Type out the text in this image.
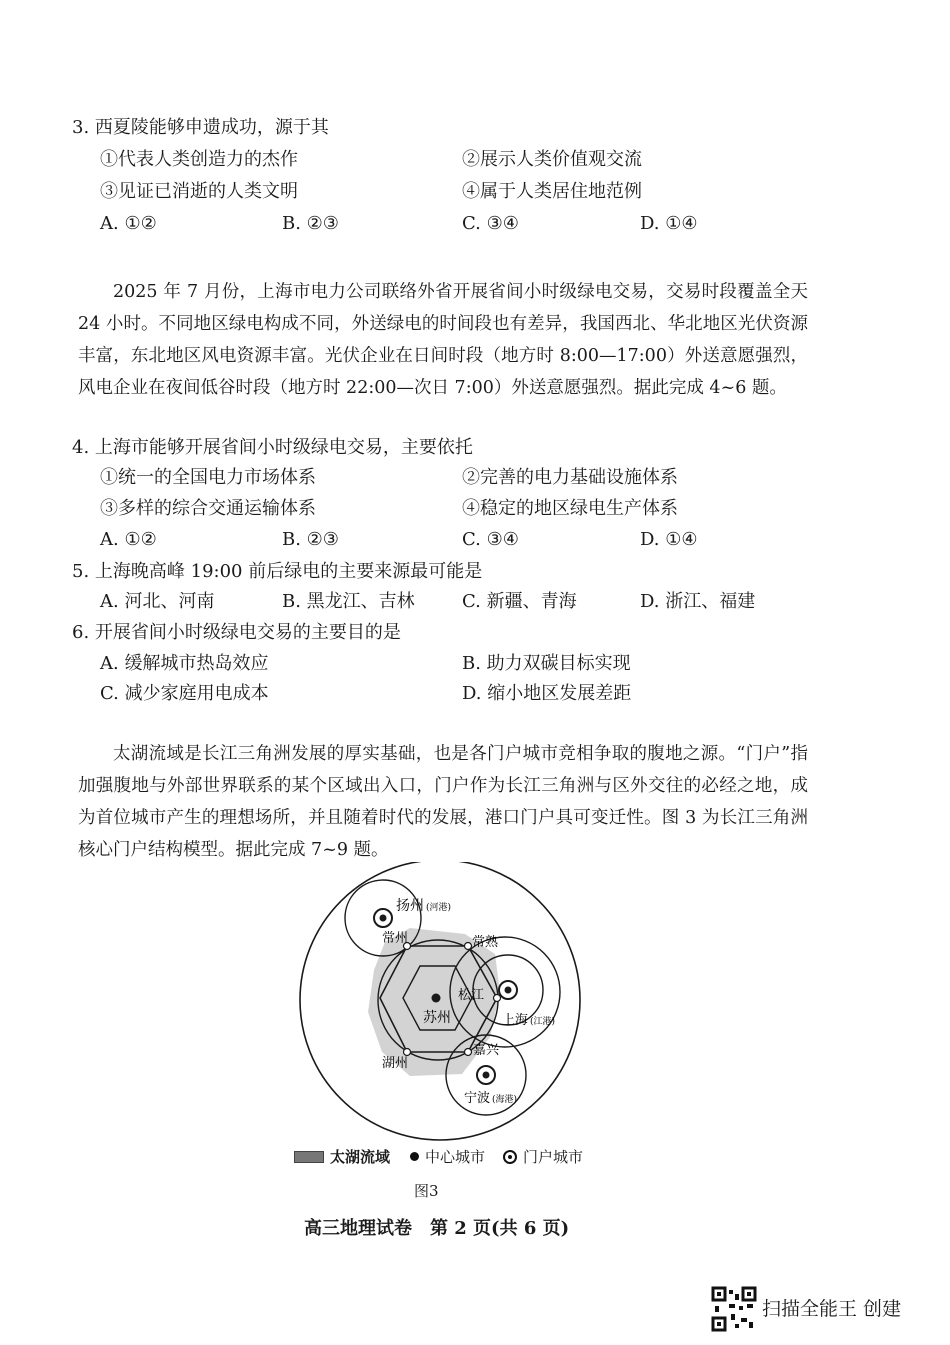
3. 西夏陵能够申遗成功，源于其
①代表人类创造力的杰作	②展示人类价值观交流
③见证已消逝的人类文明	④属于人类居住地范例
A. ①②	B. ②③	C. ③④	D. ①④
2025 年 7 月份，上海市电力公司联络外省开展省间小时级绿电交易，交易时段覆盖全天 24 小时。不同地区绿电构成不同，外送绿电的时间段也有差异，我国西北、华北地区光伏资源丰富，东北地区风电资源丰富。光伏企业在日间时段（地方时 8:00—17:00）外送意愿强烈，风电企业在夜间低谷时段（地方时 22:00—次日 7:00）外送意愿强烈。据此完成 4~6 题。
4. 上海市能够开展省间小时级绿电交易，主要依托
①统一的全国电力市场体系	②完善的电力基础设施体系
③多样的综合交通运输体系	④稳定的地区绿电生产体系
A. ①②	B. ②③	C. ③④	D. ①④
5. 上海晚高峰 19:00 前后绿电的主要来源最可能是
A. 河北、河南	B. 黑龙江、吉林	C. 新疆、青海	D. 浙江、福建
6. 开展省间小时级绿电交易的主要目的是
A. 缓解城市热岛效应	B. 助力双碳目标实现
C. 减少家庭用电成本	D. 缩小地区发展差距
太湖流域是长江三角洲发展的厚实基础，也是各门户城市竞相争取的腹地之源。“门户”指加强腹地与外部世界联系的某个区域出入口，门户作为长江三角洲与区外交往的必经之地，成为首位城市产生的理想场所，并且随着时代的发展，港口门户具可变迁性。图 3 为长江三角洲核心门户结构模型。据此完成 7~9 题。
扬州 (河港)
常州	常熟
松江
苏州	上海 (江港)
湖州
嘉兴
宁波 (海港)
太湖流域 中心城市	门户城市
图3
高三地理试卷　第 2 页(共 6 页)
扫描全能王 创建
